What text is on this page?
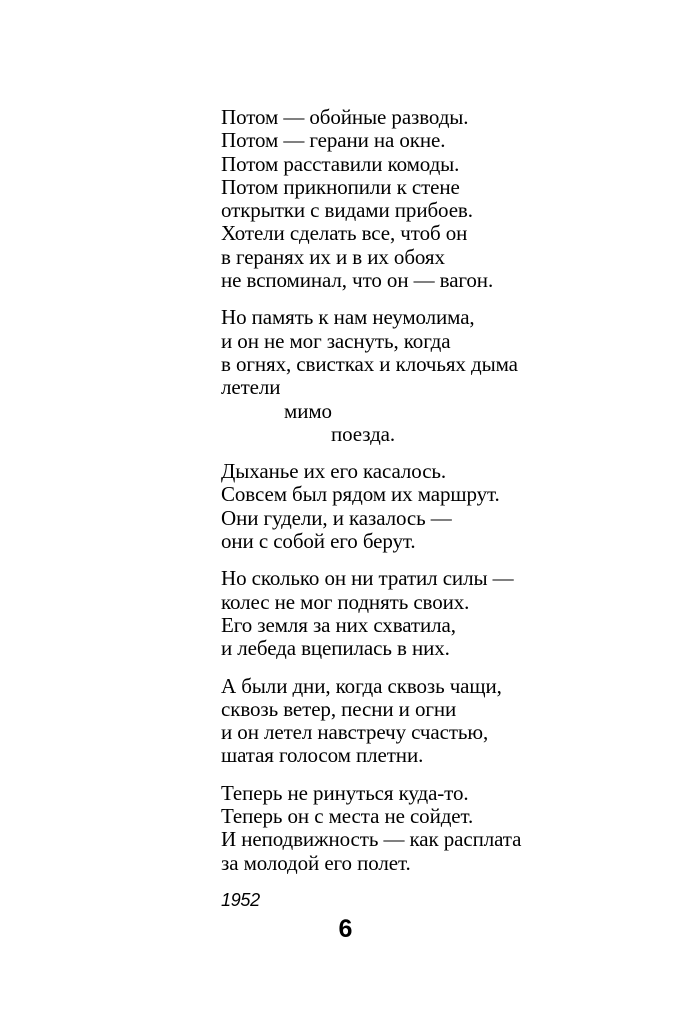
Потом — обойные разводы.
Потом — герани на окне.
Потом расставили комоды.
Потом прикнопили к стене
открытки с видами прибоев.
Хотели сделать все, чтоб он
в геранях их и в их обоях
не вспоминал, что он — вагон.
Но память к нам неумолима,
и он не мог заснуть, когда
в огнях, свистках и клочьях дыма
летели
мимо
поезда.
Дыханье их его касалось.
Совсем был рядом их маршрут.
Они гудели, и казалось —
они с собой его берут.
Но сколько он ни тратил силы —
колес не мог поднять своих.
Его земля за них схватила,
и лебеда вцепилась в них.
А были дни, когда сквозь чащи,
сквозь ветер, песни и огни
и он летел навстречу счастью,
шатая голосом плетни.
Теперь не ринуться куда-то.
Теперь он с места не сойдет.
И неподвижность — как расплата
за молодой его полет.
1952
6
